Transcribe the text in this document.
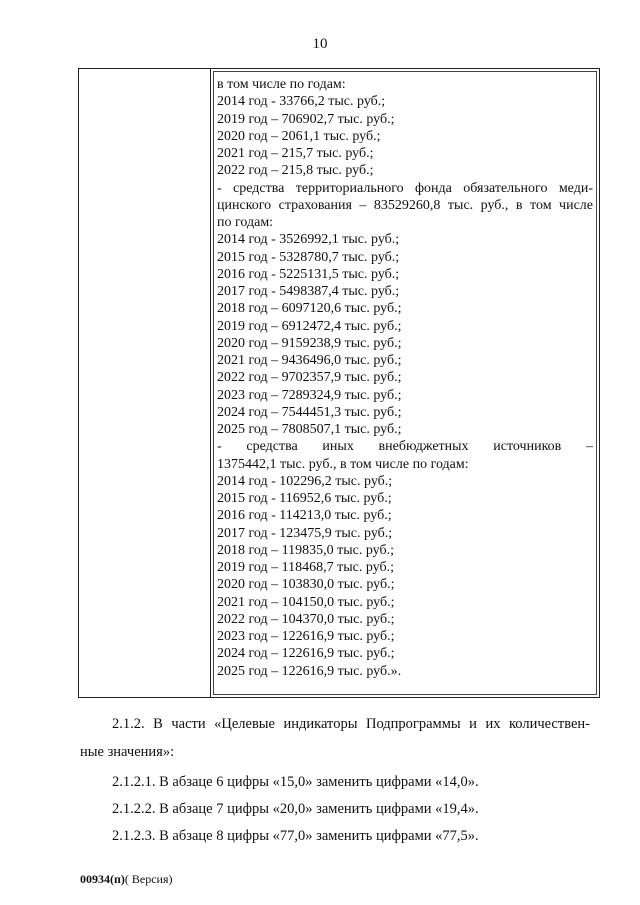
10
в том числе по годам:
2014 год - 33766,2 тыс. руб.;
2019 год – 706902,7 тыс. руб.;
2020 год – 2061,1 тыс. руб.;
2021 год – 215,7 тыс. руб.;
2022 год – 215,8 тыс. руб.;
- средства территориального фонда обязательного меди-
цинского страхования – 83529260,8 тыс. руб., в том числе
по годам:
2014 год - 3526992,1 тыс. руб.;
2015 год - 5328780,7 тыс. руб.;
2016 год - 5225131,5 тыс. руб.;
2017 год - 5498387,4 тыс. руб.;
2018 год – 6097120,6 тыс. руб.;
2019 год – 6912472,4 тыс. руб.;
2020 год – 9159238,9 тыс. руб.;
2021 год – 9436496,0 тыс. руб.;
2022 год – 9702357,9 тыс. руб.;
2023 год – 7289324,9 тыс. руб.;
2024 год – 7544451,3 тыс. руб.;
2025 год – 7808507,1 тыс. руб.;
- средства иных внебюджетных источников –
1375442,1 тыс. руб., в том числе по годам:
2014 год - 102296,2 тыс. руб.;
2015 год - 116952,6 тыс. руб.;
2016 год - 114213,0 тыс. руб.;
2017 год - 123475,9 тыс. руб.;
2018 год – 119835,0 тыс. руб.;
2019 год – 118468,7 тыс. руб.;
2020 год – 103830,0 тыс. руб.;
2021 год – 104150,0 тыс. руб.;
2022 год – 104370,0 тыс. руб.;
2023 год – 122616,9 тыс. руб.;
2024 год – 122616,9 тыс. руб.;
2025 год – 122616,9 тыс. руб.».
2.1.2. В части «Целевые индикаторы Подпрограммы и их количествен-
ные значения»:
2.1.2.1. В абзаце 6 цифры «15,0» заменить цифрами «14,0».
2.1.2.2. В абзаце 7 цифры «20,0» заменить цифрами «19,4».
2.1.2.3. В абзаце 8 цифры «77,0» заменить цифрами «77,5».
00934(п)( Версия)
